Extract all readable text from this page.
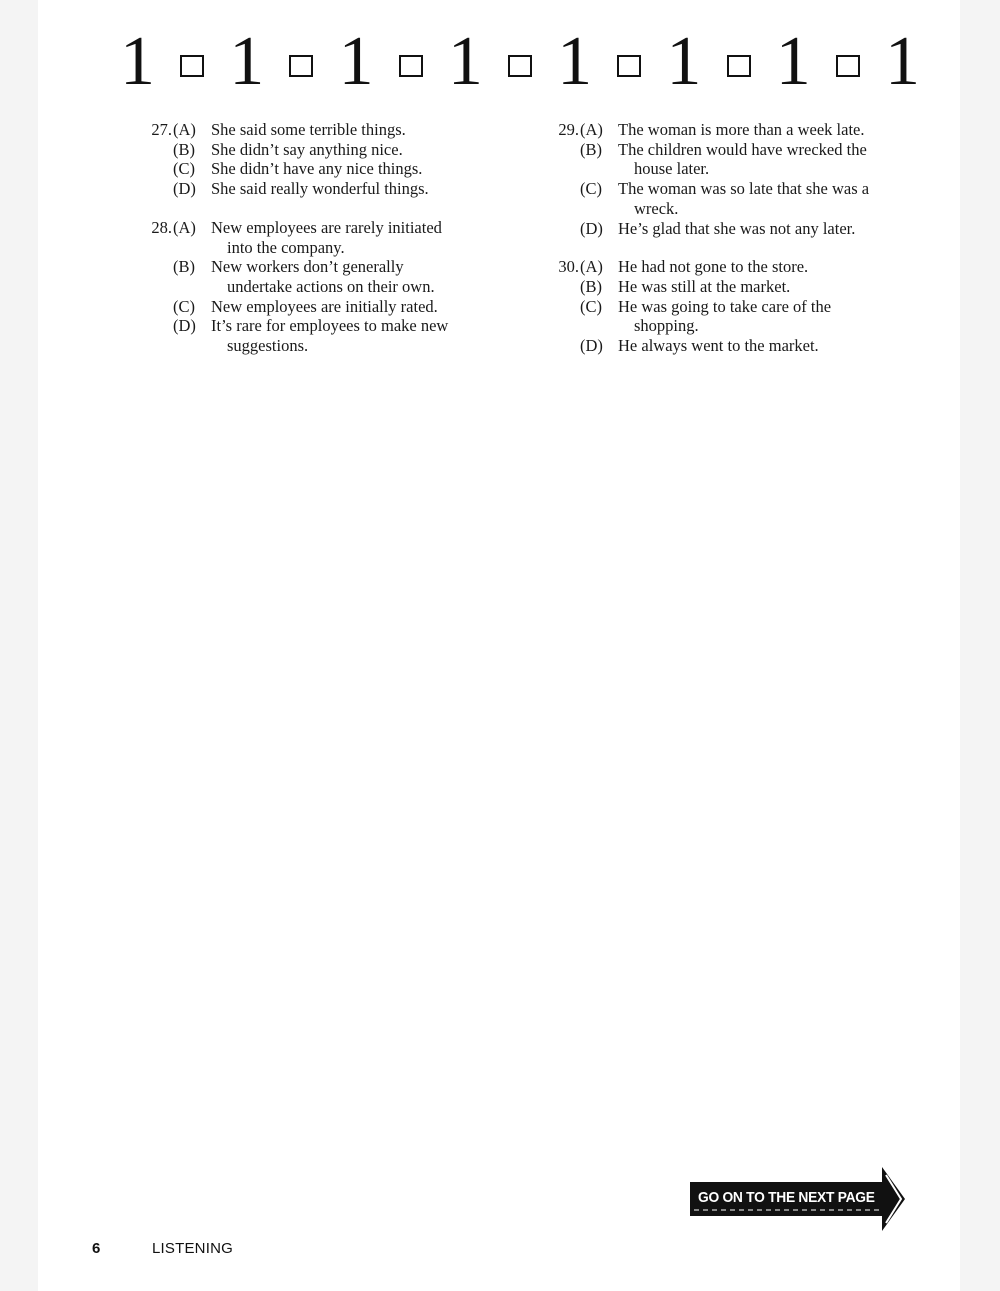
1 1 1 1 1 1 1 1
27. (A) She said some terrible things.
(B) She didn’t say anything nice.
(C) She didn’t have any nice things.
(D) She said really wonderful things.
28. (A) New employees are rarely initiated
into the company.
(B) New workers don’t generally
undertake actions on their own.
(C) New employees are initially rated.
(D) It’s rare for employees to make new
suggestions.
29. (A) The woman is more than a week late.
(B) The children would have wrecked the
house later.
(C) The woman was so late that she was a
wreck.
(D) He’s glad that she was not any later.
30. (A) He had not gone to the store.
(B) He was still at the market.
(C) He was going to take care of the
shopping.
(D) He always went to the market.
GO ON TO THE NEXT PAGE
6	LISTENING
